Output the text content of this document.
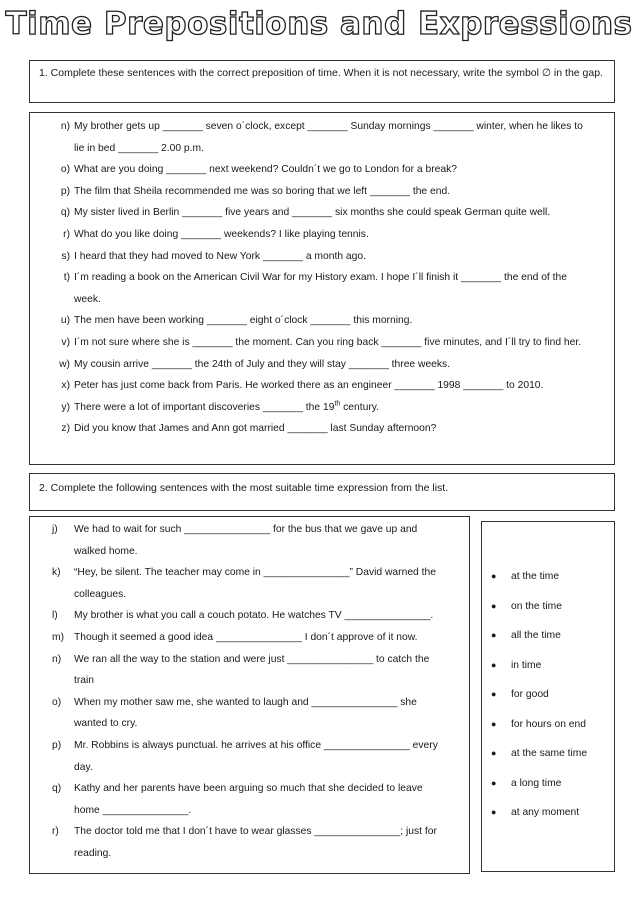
Time Prepositions and Expressions
1. Complete these sentences with the correct preposition of time. When it is not necessary, write the symbol ∅ in the gap.
n) My brother gets up _______ seven o´clock, except _______ Sunday mornings _______ winter, when he likes to lie in bed _______ 2.00 p.m.
o) What are you doing _______ next weekend? Couldn´t we go to London for a break?
p) The film that Sheila recommended me was so boring that we left _______ the end.
q) My sister lived in Berlin _______ five years and _______ six months she could speak German quite well.
r) What do you like doing _______ weekends? I like playing tennis.
s) I heard that they had moved to New York _______ a month ago.
t) I´m reading a book on the American Civil War for my History exam. I hope I´ll finish it _______ the end of the week.
u) The men have been working _______ eight o´clock _______ this morning.
v) I´m not sure where she is _______ the moment. Can you ring back _______ five minutes, and I´ll try to find her.
w) My cousin arrive _______ the 24th of July and they will stay _______ three weeks.
x) Peter has just come back from Paris. He worked there as an engineer _______ 1998 _______ to 2010.
y) There were a lot of important discoveries _______ the 19th century.
z) Did you know that James and Ann got married _______ last Sunday afternoon?
2. Complete the following sentences with the most suitable time expression from the list.
j)	We had to wait for such _______________ for the bus that we gave up and walked home.
k)	“Hey, be silent. The teacher may come in _______________” David warned the colleagues.
l)	My brother is what you call a couch potato. He watches TV _______________.
m) Though it seemed a good idea _______________ I don´t approve of it now.
n)	We ran all the way to the station and were just _______________ to catch the train
o)	When my mother saw me, she wanted to laugh and _______________ she wanted to cry.
p)	Mr. Robbins is always punctual. he arrives at his office _______________ every day.
q)	Kathy and her parents have been arguing so much that she decided to leave home _______________.
r)	The doctor told me that I don´t have to wear glasses _______________; just for reading.
● at the time
● on the time
● all the time
● in time
● for good
● for hours on end
● at the same time
● a long time
● at any moment
